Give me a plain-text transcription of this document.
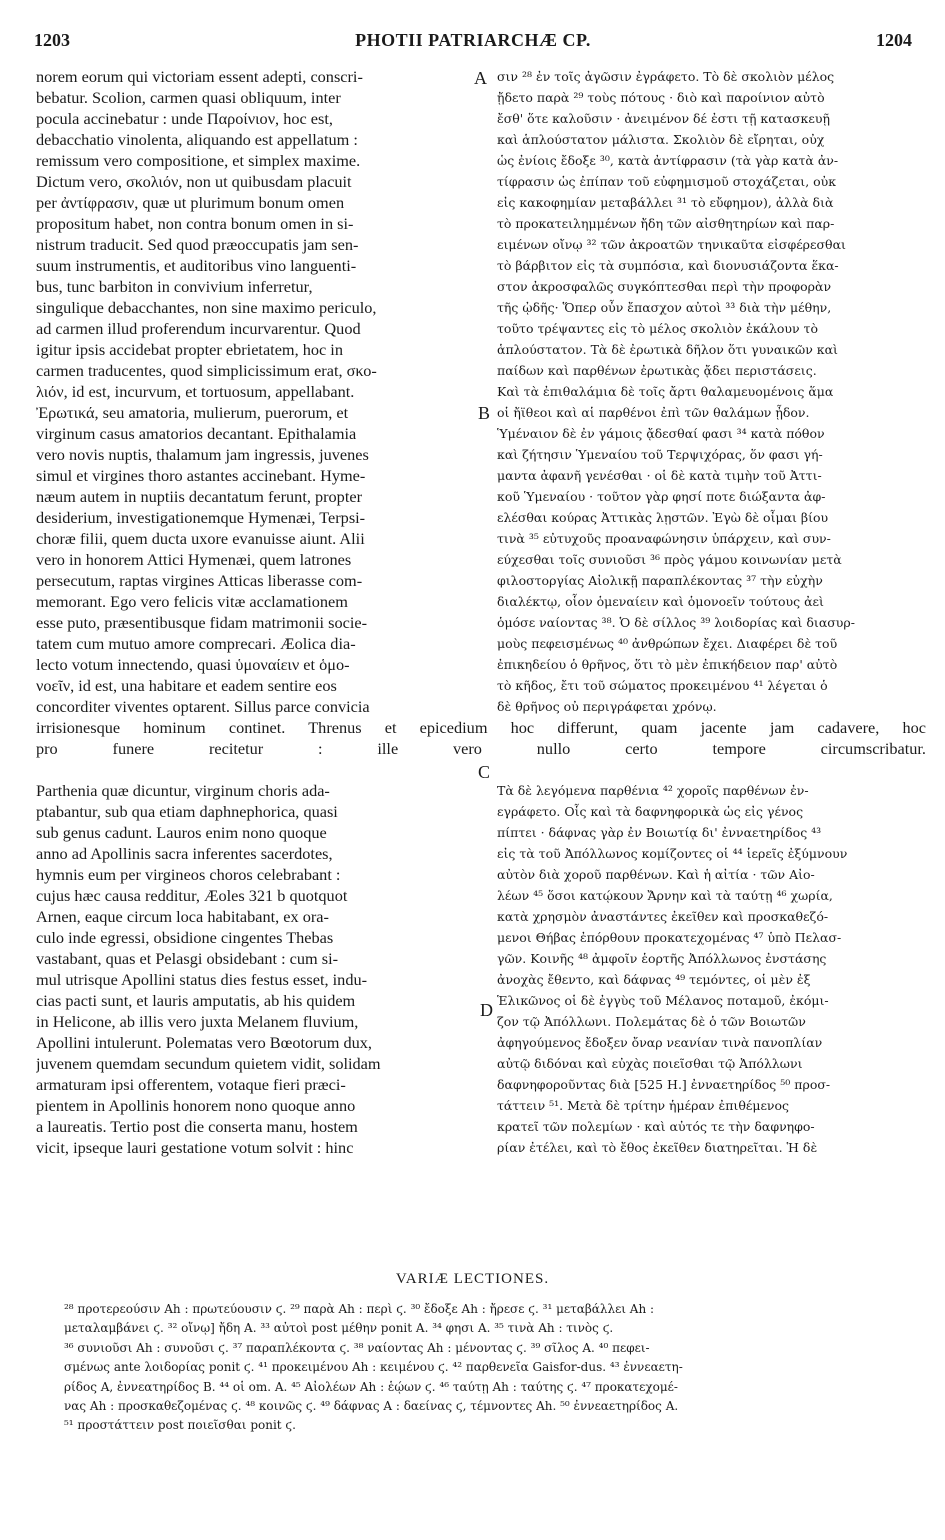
1203	PHOTII PATRIARCHÆ CP.	1204
norem eorum qui victoriam essent adepti, conscri-
bebatur. Scolion, carmen quasi obliquum, inter
pocula accinebatur : unde Παροίνιον, hoc est,
debacchatio vinolenta, aliquando est appellatum :
remissum vero compositione, et simplex maxime.
Dictum vero, σκολιόν, non ut quibusdam placuit
per ἀντίφρασιν, quæ ut plurimum bonum omen
propositum habet, non contra bonum omen in si-
nistrum traducit. Sed quod præoccupatis jam sen-
suum instrumentis, et auditoribus vino languenti-
bus, tunc barbiton in convivium inferretur,
singulique debacchantes, non sine maximo periculo,
ad carmen illud proferendum incurvarentur. Quod
igitur ipsis accidebat propter ebrietatem, hoc in
carmen traducentes, quod simplicissimum erat, σκο-
λιόν, id est, incurvum, et tortuosum, appellabant.
Ἐρωτικά, seu amatoria, mulierum, puerorum, et
virginum casus amatorios decantant. Epithalamia
vero novis nuptis, thalamum jam ingressis, juvenes
simul et virgines thoro astantes accinebant. Hyme-
næum autem in nuptiis decantatum ferunt, propter
desiderium, investigationemque Hymenæi, Terpsi-
choræ filii, quem ducta uxore evanuisse aiunt. Alii
vero in honorem Attici Hymenæi, quem latrones
persecutum, raptas virgines Atticas liberasse com-
memorant. Ego vero felicis vitæ acclamationem
esse puto, præsentibusque fidam matrimonii socie-
tatem cum mutuo amore comprecari. Æolica dia-
lecto votum innectendo, quasi ὑμοναίειν et ὁμο-
νοεῖν, id est, una habitare et eadem sentire eos
concorditer viventes optarent. Sillus parce convicia
σιν ²⁸ ἐν τοῖς ἀγῶσιν ἐγράφετο. Τὸ δὲ σκολιὸν μέλος
ᾔδετο παρὰ ²⁹ τοὺς πότους · διὸ καὶ παροίνιον αὐτὸ
ἔσθ' ὅτε καλοῦσιν · ἀνειμένον δέ ἐστι τῇ κατασκευῇ
καὶ ἁπλούστατον μάλιστα. Σκολιὸν δὲ εἴρηται, οὐχ
ὡς ἐνίοις ἔδοξε ³⁰, κατὰ ἀντίφρασιν (τὰ γὰρ κατὰ ἀν-
τίφρασιν ὡς ἐπίπαν τοῦ εὐφημισμοῦ στοχάζεται, οὐκ
εἰς κακοφημίαν μεταβάλλει ³¹ τὸ εὔφημον), ἀλλὰ διὰ
τὸ προκατειλημμένων ἤδη τῶν αἰσθητηρίων καὶ παρ-
ειμένων οἴνῳ ³² τῶν ἀκροατῶν τηνικαῦτα εἰσφέρεσθαι
τὸ βάρβιτον εἰς τὰ συμπόσια, καὶ διονυσιάζοντα ἕκα-
στον ἀκροσφαλῶς συγκόπτεσθαι περὶ τὴν προφορὰν
τῆς ᾠδῆς· Ὅπερ οὖν ἔπασχον αὐτοὶ ³³ διὰ τὴν μέθην,
τοῦτο τρέψαντες εἰς τὸ μέλος σκολιὸν ἐκάλουν τὸ
ἁπλούστατον. Τὰ δὲ ἐρωτικὰ δῆλον ὅτι γυναικῶν καὶ
παίδων καὶ παρθένων ἐρωτικὰς ᾄδει περιστάσεις.
Καὶ τὰ ἐπιθαλάμια δὲ τοῖς ἄρτι θαλαμευομένοις ἅμα
οἱ ἤϊθεοι καὶ αἱ παρθένοι ἐπὶ τῶν θαλάμων ᾖδον.
Ὑμέναιον δὲ ἐν γάμοις ᾄδεσθαί φασι ³⁴ κατὰ πόθον
καὶ ζήτησιν Ὑμεναίου τοῦ Τερψιχόρας, ὅν φασι γή-
μαντα ἀφανῆ γενέσθαι · οἱ δὲ κατὰ τιμὴν τοῦ Ἀττι-
κοῦ Ὑμεναίου · τοῦτον γὰρ φησί ποτε διώξαντα ἀφ-
ελέσθαι κούρας Ἀττικὰς λῃστῶν. Ἐγὼ δὲ οἶμαι βίου
τινὰ ³⁵ εὐτυχοῦς προαναφώνησιν ὑπάρχειν, καὶ συν-
εύχεσθαι τοῖς συνιοῦσι ³⁶ πρὸς γάμου κοινωνίαν μετὰ
φιλοστοργίας Αἰολικῇ παραπλέκοντας ³⁷ τὴν εὐχὴν
διαλέκτῳ, οἷον ὁμεναίειν καὶ ὁμονοεῖν τούτους ἀεὶ
ὁμόσε ναίοντας ³⁸. Ὁ δὲ σίλλος ³⁹ λοιδορίας καὶ διασυρ-
μοὺς πεφεισμένως ⁴⁰ ἀνθρώπων ἔχει. Διαφέρει δὲ τοῦ
ἐπικηδείου ὁ θρῆνος, ὅτι τὸ μὲν ἐπικήδειον παρ' αὐτὸ
τὸ κῆδος, ἔτι τοῦ σώματος προκειμένου ⁴¹ λέγεται ὁ
δὲ θρῆνος οὐ περιγράφεται χρόνῳ.
A
B
C
D
irrisionesque hominum continet. Threnus et epicedium hoc differunt, quam jacente jam cadavere, hoc
pro funere recitetur : ille vero nullo certo tempore circumscribatur.
Parthenia quæ dicuntur, virginum choris ada-
ptabantur, sub qua etiam daphnephorica, quasi
sub genus cadunt. Lauros enim nono quoque
anno ad Apollinis sacra inferentes sacerdotes,
hymnis eum per virgineos choros celebrabant :
cujus hæc causa redditur, Æoles 321 b quotquot
Arnen, eaque circum loca habitabant, ex ora-
culo inde egressi, obsidione cingentes Thebas
vastabant, quas et Pelasgi obsidebant : cum si-
mul utrisque Apollini status dies festus esset, indu-
cias pacti sunt, et lauris amputatis, ab his quidem
in Helicone, ab illis vero juxta Melanem fluvium,
Apollini intulerunt. Polematas vero Bœotorum dux,
juvenem quemdam secundum quietem vidit, solidam
armaturam ipsi offerentem, votaque fieri præci-
pientem in Apollinis honorem nono quoque anno
a laureatis. Tertio post die conserta manu, hostem
vicit, ipseque lauri gestatione votum solvit : hinc
Τὰ δὲ λεγόμενα παρθένια ⁴² χοροῖς παρθένων ἐν-
εγράφετο. Οἷς καὶ τὰ δαφνηφορικὰ ὡς εἰς γένος
πίπτει · δάφνας γὰρ ἐν Βοιωτίᾳ δι' ἐνναετηρίδος ⁴³
εἰς τὰ τοῦ Ἀπόλλωνος κομίζοντες οἱ ⁴⁴ ἱερεῖς ἐξύμνουν
αὐτὸν διὰ χοροῦ παρθένων. Καὶ ἡ αἰτία · τῶν Αἰο-
λέων ⁴⁵ ὅσοι κατῴκουν Ἄρνην καὶ τὰ ταύτῃ ⁴⁶ χωρία,
κατὰ χρησμὸν ἀναστάντες ἐκεῖθεν καὶ προσκαθεζό-
μενοι Θήβας ἐπόρθουν προκατεχομένας ⁴⁷ ὑπὸ Πελασ-
γῶν. Κοινῆς ⁴⁸ ἀμφοῖν ἑορτῆς Ἀπόλλωνος ἐνστάσης
ἀνοχὰς ἔθεντο, καὶ δάφνας ⁴⁹ τεμόντες, οἱ μὲν ἐξ
Ἑλικῶνος οἱ δὲ ἐγγὺς τοῦ Μέλανος ποταμοῦ, ἐκόμι-
ζον τῷ Ἀπόλλωνι. Πολεμάτας δὲ ὁ τῶν Βοιωτῶν
ἀφηγούμενος ἔδοξεν ὄναρ νεανίαν τινὰ πανοπλίαν
αὐτῷ διδόναι καὶ εὐχὰς ποιεῖσθαι τῷ Ἀπόλλωνι
δαφνηφοροῦντας διὰ [525 H.] ἐνναετηρίδος ⁵⁰ προσ-
τάττειν ⁵¹. Μετὰ δὲ τρίτην ἡμέραν ἐπιθέμενος
κρατεῖ τῶν πολεμίων · καὶ αὐτός τε τὴν δαφνηφο-
ρίαν ἐτέλει, καὶ τὸ ἔθος ἐκεῖθεν διατηρεῖται. Ἡ δὲ
VARIÆ LECTIONES.
²⁸ προτερεούσιν Ah : πρωτεύουσιν ϛ. ²⁹ παρὰ Ah : περὶ ϛ. ³⁰ ἔδοξε Ah : ἤρεσε ϛ. ³¹ μεταβάλλει Ah :
μεταλαμβάνει ϛ. ³² οἴνῳ] ἤδη A. ³³ αὐτοὶ post μέθην ponit A. ³⁴ φησι A. ³⁵ τινὰ Ah : τινὸς ϛ.
³⁶ συνιοῦσι Ah : συνοῦσι ϛ. ³⁷ παραπλέκοντα ϛ. ³⁸ ναίοντας Ah : μένοντας ϛ. ³⁹ σῖλος A. ⁴⁰ πεφει-
σμένως ante λοιδορίας ponit ϛ. ⁴¹ προκειμένου Ah : κειμένου ϛ. ⁴² παρθενεῖα Gaisfor-dus. ⁴³ ἐννεαετη-
ρίδος A, ἐννεατηρίδος B. ⁴⁴ οἱ om. A. ⁴⁵ Αἰολέων Ah : ἑῴων ϛ. ⁴⁶ ταύτῃ Ah : ταύτης ϛ. ⁴⁷ προκατεχομέ-
νας Ah : προσκαθεζομένας ϛ. ⁴⁸ κοινῶς ϛ. ⁴⁹ δάφνας A : δαείνας ϛ, τέμνοντες Ah. ⁵⁰ ἐννεαετηρίδος A.
⁵¹ προστάττειν post ποιεῖσθαι ponit ϛ.
